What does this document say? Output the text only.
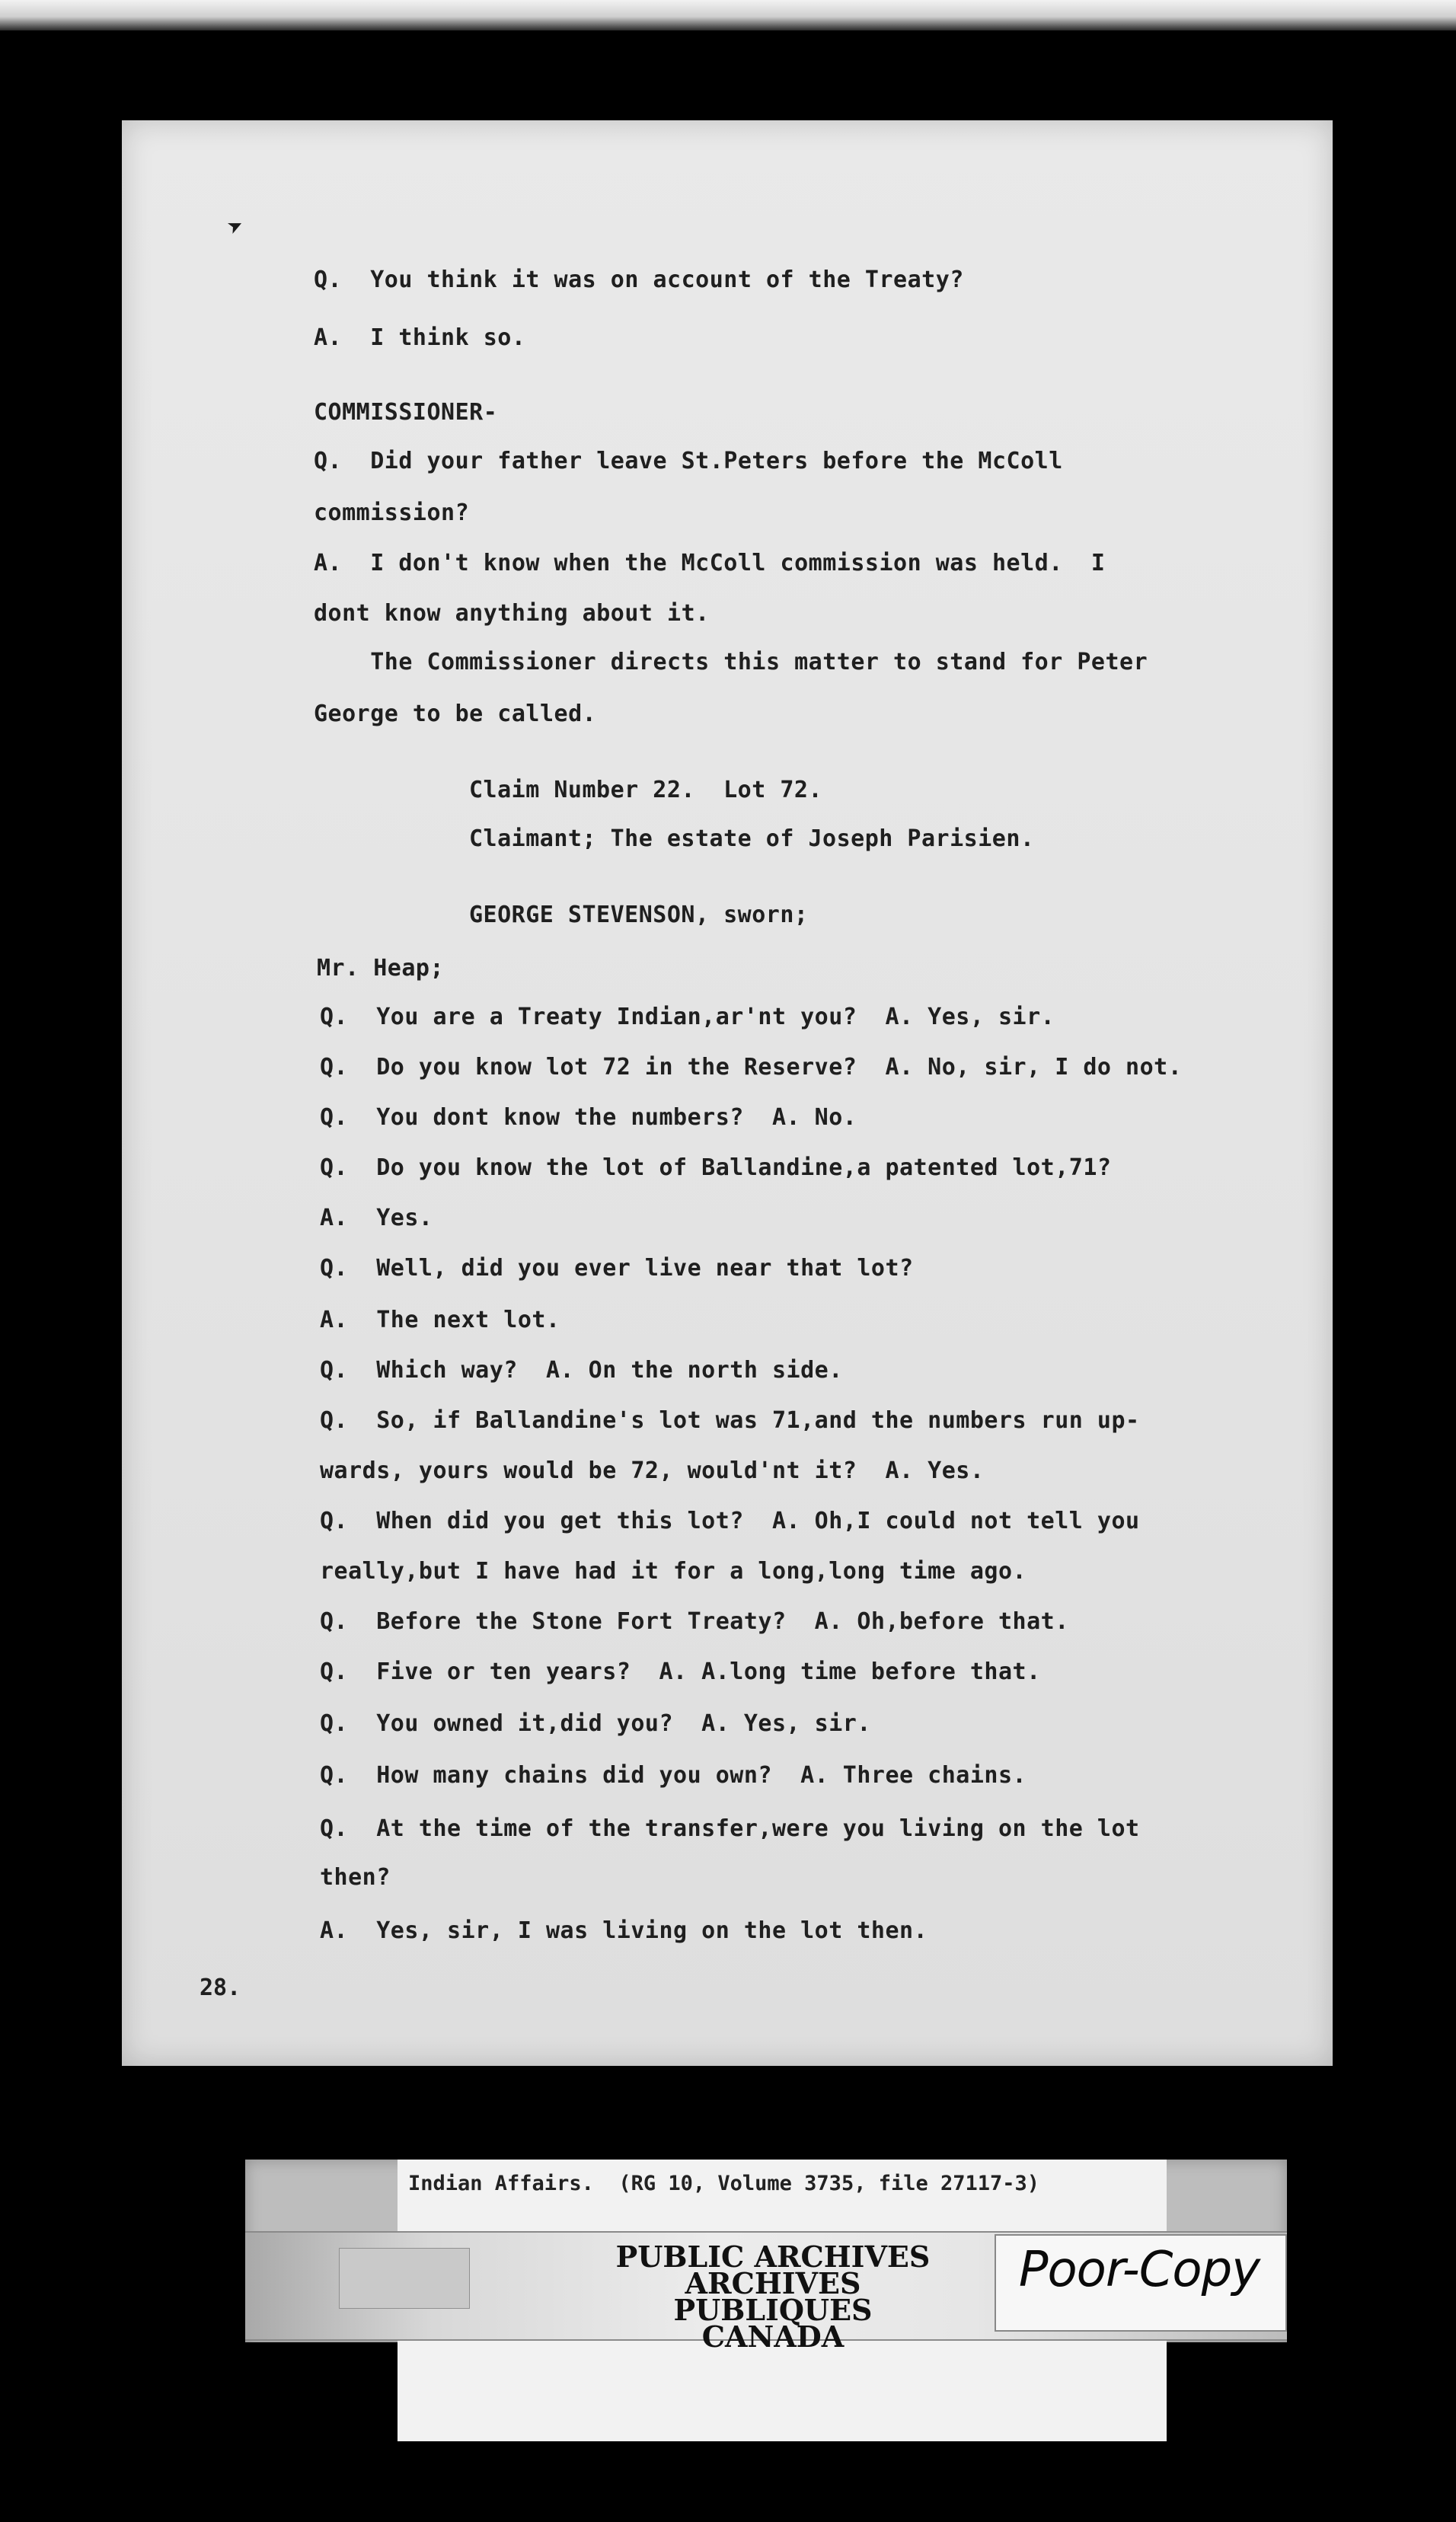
➤

Q.  You think it was on account of the Treaty?

A.  I think so.

COMMISSIONER-

Q.  Did your father leave St.Peters before the McColl

commission?

A.  I don't know when the McColl commission was held.  I

dont know anything about it.

The Commissioner directs this matter to stand for Peter

George to be called.

Claim Number 22.  Lot 72.

Claimant; The estate of Joseph Parisien.

GEORGE STEVENSON, sworn;

Mr. Heap;

Q.  You are a Treaty Indian,ar'nt you?  A. Yes, sir.

Q.  Do you know lot 72 in the Reserve?  A. No, sir, I do not.

Q.  You dont know the numbers?  A. No.

Q.  Do you know the lot of Ballandine,a patented lot,71?

A.  Yes.

Q.  Well, did you ever live near that lot?

A.  The next lot.

Q.  Which way?  A. On the north side.

Q.  So, if Ballandine's lot was 71,and the numbers run up-

wards, yours would be 72, would'nt it?  A. Yes.

Q.  When did you get this lot?  A. Oh,I could not tell you

really,but I have had it for a long,long time ago.

Q.  Before the Stone Fort Treaty?  A. Oh,before that.

Q.  Five or ten years?  A. A.long time before that.

Q.  You owned it,did you?  A. Yes, sir.

Q.  How many chains did you own?  A. Three chains.

Q.  At the time of the transfer,were you living on the lot

then?

A.  Yes, sir, I was living on the lot then.

28.
Indian Affairs.  (RG 10, Volume 3735, file 27117-3)
PUBLIC ARCHIVES
ARCHIVES PUBLIQUES
CANADA
Poor-Copy
